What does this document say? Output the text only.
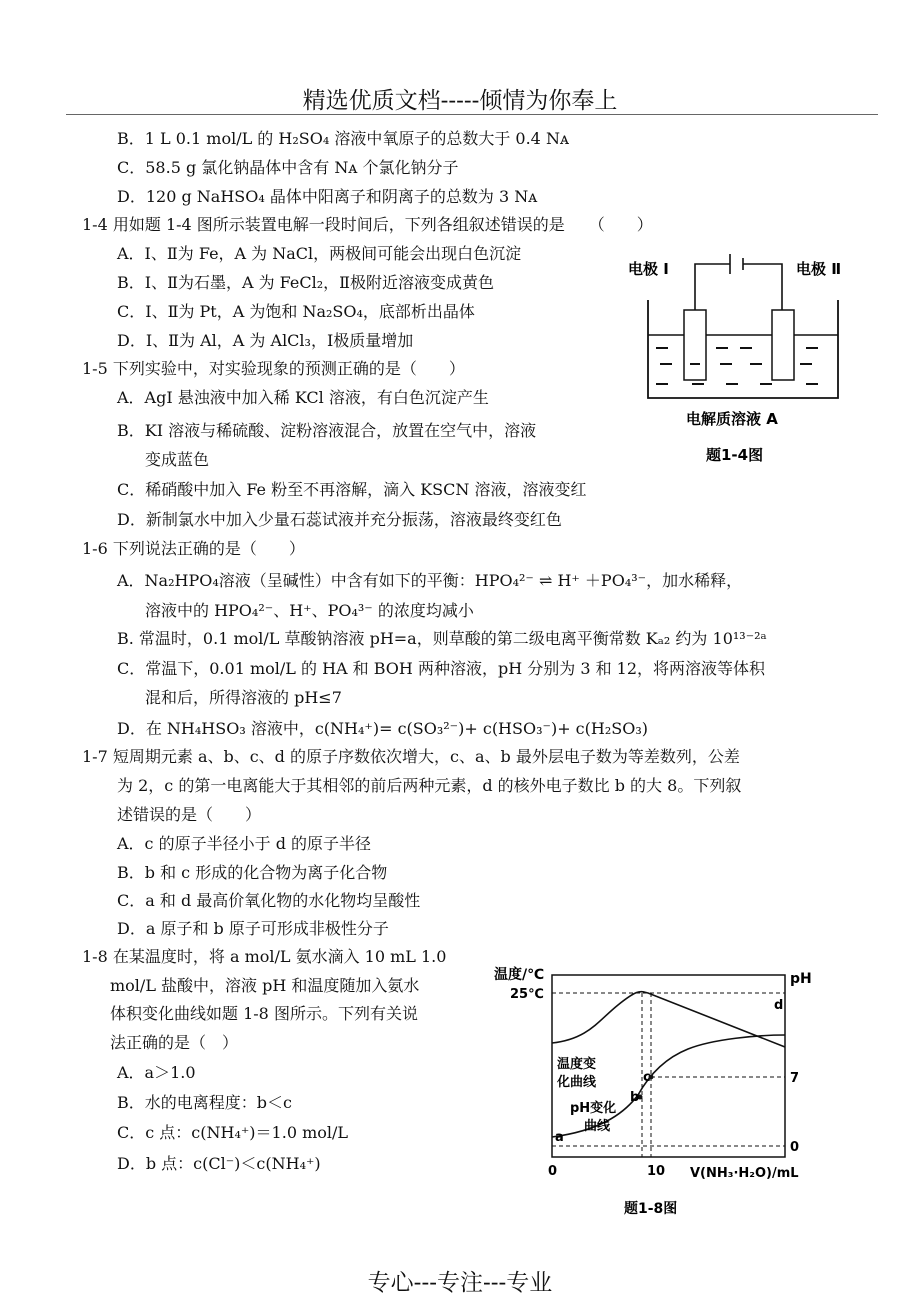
精选优质文档-----倾情为你奉上
B．1 L 0.1 mol/L 的 H₂SO₄ 溶液中氧原子的总数大于 0.4 Nᴀ
C．58.5 g 氯化钠晶体中含有 Nᴀ 个氯化钠分子
D．120 g NaHSO₄ 晶体中阳离子和阴离子的总数为 3 Nᴀ
1-4 用如题 1-4 图所示装置电解一段时间后，下列各组叙述错误的是　　（　　）
A．Ⅰ、Ⅱ为 Fe，A 为 NaCl，两极间可能会出现白色沉淀
B．Ⅰ、Ⅱ为石墨，A 为 FeCl₂，Ⅱ极附近溶液变成黄色
C．Ⅰ、Ⅱ为 Pt，A 为饱和 Na₂SO₄，底部析出晶体
D．Ⅰ、Ⅱ为 Al，A 为 AlCl₃，Ⅰ极质量增加
1-5 下列实验中，对实验现象的预测正确的是（　　）
A．AgI 悬浊液中加入稀 KCl 溶液，有白色沉淀产生
B．KI 溶液与稀硫酸、淀粉溶液混合，放置在空气中，溶液
变成蓝色
C．稀硝酸中加入 Fe 粉至不再溶解，滴入 KSCN 溶液，溶液变红
D．新制氯水中加入少量石蕊试液并充分振荡，溶液最终变红色
1-6 下列说法正确的是（　　）
A．Na₂HPO₄溶液（呈碱性）中含有如下的平衡：HPO₄²⁻ ⇌ H⁺ ＋PO₄³⁻，加水稀释，
溶液中的 HPO₄²⁻、H⁺、PO₄³⁻ 的浓度均减小
B. 常温时，0.1 mol/L 草酸钠溶液 pH=a，则草酸的第二级电离平衡常数 Kₐ₂ 约为 10¹³⁻²ᵃ
C．常温下，0.01 mol/L 的 HA 和 BOH 两种溶液，pH 分别为 3 和 12，将两溶液等体积
混和后，所得溶液的 pH≤7
D．在 NH₄HSO₃ 溶液中，c(NH₄⁺)= c(SO₃²⁻)+ c(HSO₃⁻)+ c(H₂SO₃)
1-7 短周期元素 a、b、c、d 的原子序数依次增大，c、a、b 最外层电子数为等差数列，公差
为 2，c 的第一电离能大于其相邻的前后两种元素，d 的核外电子数比 b 的大 8。下列叙
述错误的是（　　）
A．c 的原子半径小于 d 的原子半径
B．b 和 c 形成的化合物为离子化合物
C．a 和 d 最高价氧化物的水化物均呈酸性
D．a 原子和 b 原子可形成非极性分子
1-8 在某温度时，将 a mol/L 氨水滴入 10 mL 1.0
mol/L 盐酸中，溶液 pH 和温度随加入氨水
体积变化曲线如题 1-8 图所示。下列有关说
法正确的是（　）
A．a＞1.0
B．水的电离程度：b＜c
C．c 点：c(NH₄⁺)＝1.0 mol/L
D．b 点：c(Cl⁻)＜c(NH₄⁺)
电极 Ⅰ	电极 Ⅱ
电解质溶液 A
题1-4图
温度/℃	pH
25℃
7
0
0	10 V(NH₃·H₂O)/mL
温度变
化曲线
pH变化
曲线
a
b
c
d
题1-8图
专心---专注---专业
